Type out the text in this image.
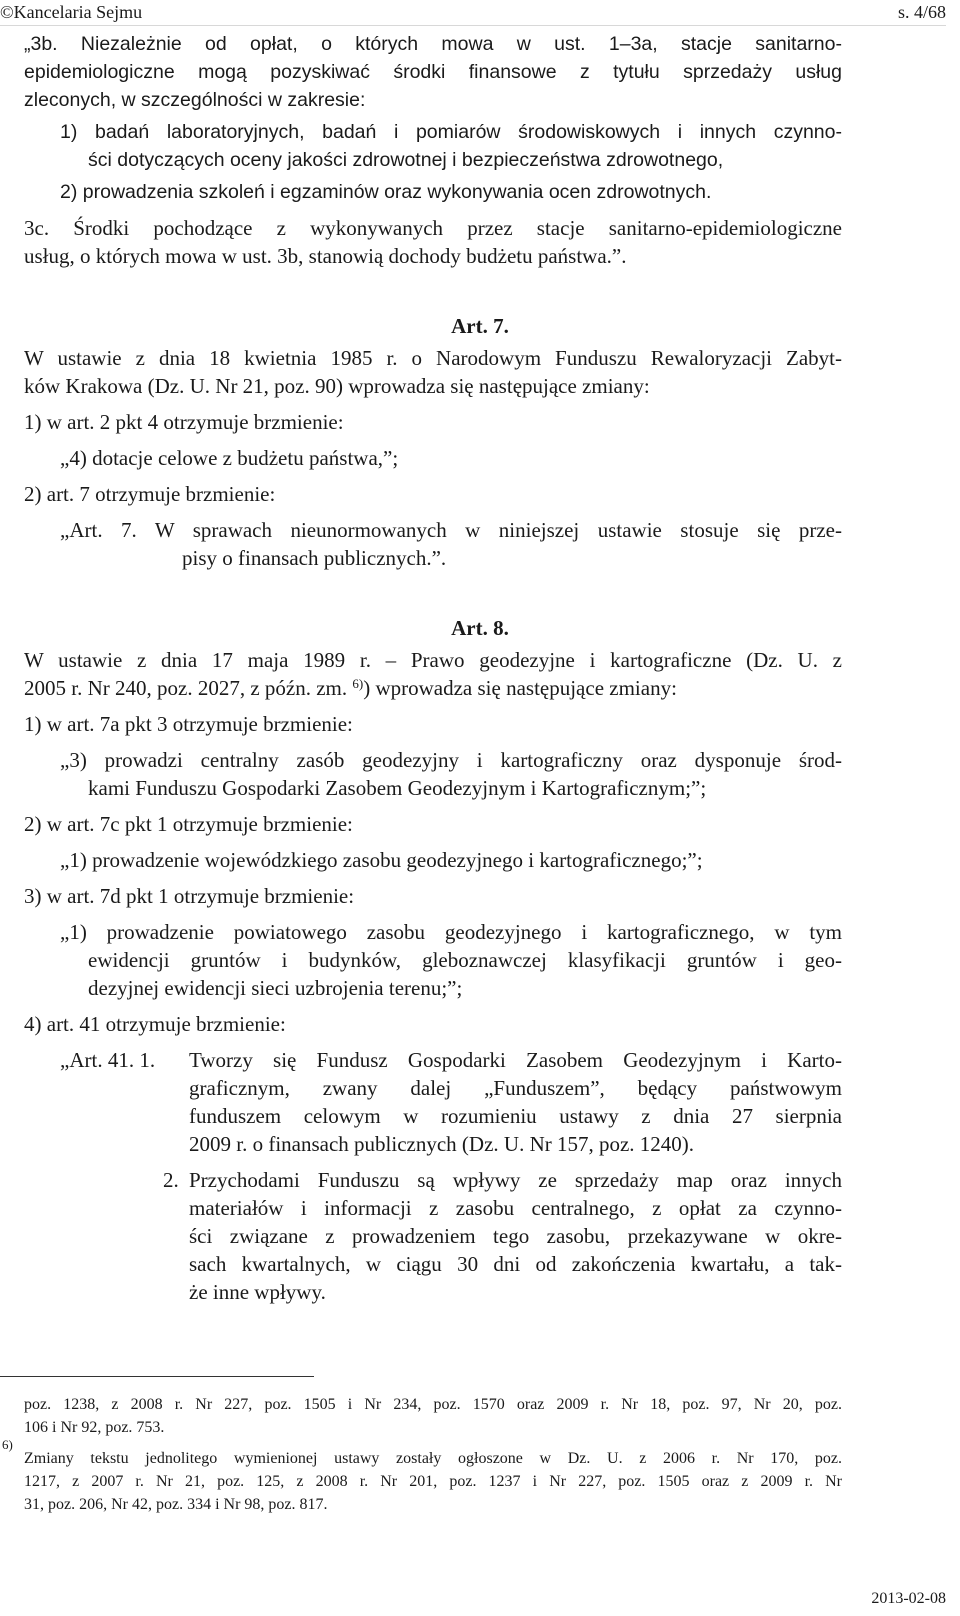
©Kancelaria Sejmu	s. 4/68
„3b. Niezależnie od opłat, o których mowa w ust. 1–3a, stacje sanitarno-
epidemiologiczne mogą pozyskiwać środki finansowe z tytułu sprzedaży usług
zleconych, w szczególności w zakresie:
1) badań laboratoryjnych, badań i pomiarów środowiskowych i innych czynno-
ści dotyczących oceny jakości zdrowotnej i bezpieczeństwa zdrowotnego,
2) prowadzenia szkoleń i egzaminów oraz wykonywania ocen zdrowotnych.
3c. Środki pochodzące z wykonywanych przez stacje sanitarno-epidemiologiczne
usług, o których mowa w ust. 3b, stanowią dochody budżetu państwa.”.
Art. 7.
W ustawie z dnia 18 kwietnia 1985 r. o Narodowym Funduszu Rewaloryzacji Zabyt-
ków Krakowa (Dz. U. Nr 21, poz. 90) wprowadza się następujące zmiany:
1) w art. 2 pkt 4 otrzymuje brzmienie:
„4) dotacje celowe z budżetu państwa,”;
2) art. 7 otrzymuje brzmienie:
„Art. 7. W sprawach nieunormowanych w niniejszej ustawie stosuje się prze-
pisy o finansach publicznych.”.
Art. 8.
W ustawie z dnia 17 maja 1989 r. – Prawo geodezyjne i kartograficzne (Dz. U. z
2005 r. Nr 240, poz. 2027, z późn. zm. $^{6)}$) wprowadza się następujące zmiany:
1) w art. 7a pkt 3 otrzymuje brzmienie:
„3) prowadzi centralny zasób geodezyjny i kartograficzny oraz dysponuje środ-
kami Funduszu Gospodarki Zasobem Geodezyjnym i Kartograficznym;”;
2) w art. 7c pkt 1 otrzymuje brzmienie:
„1) prowadzenie wojewódzkiego zasobu geodezyjnego i kartograficznego;”;
3) w art. 7d pkt 1 otrzymuje brzmienie:
„1) prowadzenie powiatowego zasobu geodezyjnego i kartograficznego, w tym
ewidencji gruntów i budynków, gleboznawczej klasyfikacji gruntów i geo-
dezyjnej ewidencji sieci uzbrojenia terenu;”;
4) art. 41 otrzymuje brzmienie:
„Art. 41. 1. Tworzy się Fundusz Gospodarki Zasobem Geodezyjnym i Karto-
graficznym, zwany dalej „Funduszem”, będący państwowym
funduszem celowym w rozumieniu ustawy z dnia 27 sierpnia
2009 r. o finansach publicznych (Dz. U. Nr 157, poz. 1240).
2. Przychodami Funduszu są wpływy ze sprzedaży map oraz innych
materiałów i informacji z zasobu centralnego, z opłat za czynno-
ści związane z prowadzeniem tego zasobu, przekazywane w okre-
sach kwartalnych, w ciągu 30 dni od zakończenia kwartału, a tak-
że inne wpływy.
poz. 1238, z 2008 r. Nr 227, poz. 1505 i Nr 234, poz. 1570 oraz 2009 r. Nr 18, poz. 97, Nr 20, poz.
106 i Nr 92, poz. 753.
$^{6)}$
Zmiany tekstu jednolitego wymienionej ustawy zostały ogłoszone w Dz. U. z 2006 r. Nr 170, poz.
1217, z 2007 r. Nr 21, poz. 125, z 2008 r. Nr 201, poz. 1237 i Nr 227, poz. 1505 oraz z 2009 r. Nr
31, poz. 206, Nr 42, poz. 334 i Nr 98, poz. 817.
2013-02-08
